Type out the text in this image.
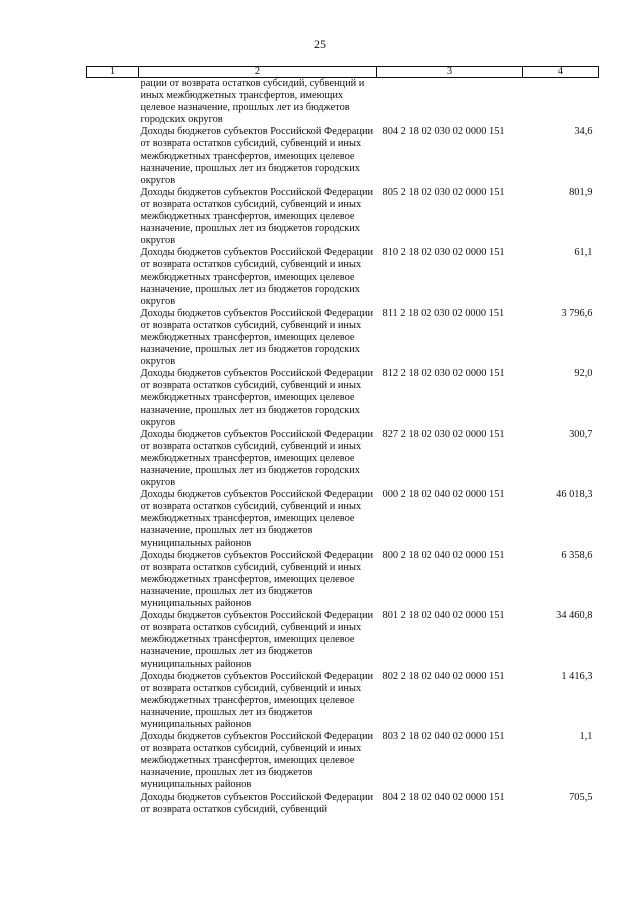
25
1	2	3	4
	рации от возврата остатков субсидий, субвенций и иных межбюджетных трансфертов, имеющих целевое назначение, прошлых лет из бюджетов городских округов		
	Доходы бюджетов субъектов Российской Федерации от возврата остатков субсидий, субвенций и иных межбюджетных трансфертов, имеющих целевое назначение, прошлых лет из бюджетов городских округов	804 2 18 02 030 02 0000 151	34,6
	Доходы бюджетов субъектов Российской Федерации от возврата остатков субсидий, субвенций и иных межбюджетных трансфертов, имеющих целевое назначение, прошлых лет из бюджетов городских округов	805 2 18 02 030 02 0000 151	801,9
	Доходы бюджетов субъектов Российской Федерации от возврата остатков субсидий, субвенций и иных межбюджетных трансфертов, имеющих целевое назначение, прошлых лет из бюджетов городских округов	810 2 18 02 030 02 0000 151	61,1
	Доходы бюджетов субъектов Российской Федерации от возврата остатков субсидий, субвенций и иных межбюджетных трансфертов, имеющих целевое назначение, прошлых лет из бюджетов городских округов	811 2 18 02 030 02 0000 151	3 796,6
	Доходы бюджетов субъектов Российской Федерации от возврата остатков субсидий, субвенций и иных межбюджетных трансфертов, имеющих целевое назначение, прошлых лет из бюджетов городских округов	812 2 18 02 030 02 0000 151	92,0
	Доходы бюджетов субъектов Российской Федерации от возврата остатков субсидий, субвенций и иных межбюджетных трансфертов, имеющих целевое назначение, прошлых лет из бюджетов городских округов	827 2 18 02 030 02 0000 151	300,7
	Доходы бюджетов субъектов Российской Федерации от возврата остатков субсидий, субвенций и иных межбюджетных трансфертов, имеющих целевое назначение, прошлых лет из бюджетов муниципальных районов	000 2 18 02 040 02 0000 151	46 018,3
	Доходы бюджетов субъектов Российской Федерации от возврата остатков субсидий, субвенций и иных межбюджетных трансфертов, имеющих целевое назначение, прошлых лет из бюджетов муниципальных районов	800 2 18 02 040 02 0000 151	6 358,6
	Доходы бюджетов субъектов Российской Федерации от возврата остатков субсидий, субвенций и иных межбюджетных трансфертов, имеющих целевое назначение, прошлых лет из бюджетов муниципальных районов	801 2 18 02 040 02 0000 151	34 460,8
	Доходы бюджетов субъектов Российской Федерации от возврата остатков субсидий, субвенций и иных межбюджетных трансфертов, имеющих целевое назначение, прошлых лет из бюджетов муниципальных районов	802 2 18 02 040 02 0000 151	1 416,3
	Доходы бюджетов субъектов Российской Федерации от возврата остатков субсидий, субвенций и иных межбюджетных трансфертов, имеющих целевое назначение, прошлых лет из бюджетов муниципальных районов	803 2 18 02 040 02 0000 151	1,1
	Доходы бюджетов субъектов Российской Федерации от возврата остатков субсидий, субвенций	804 2 18 02 040 02 0000 151	705,5
